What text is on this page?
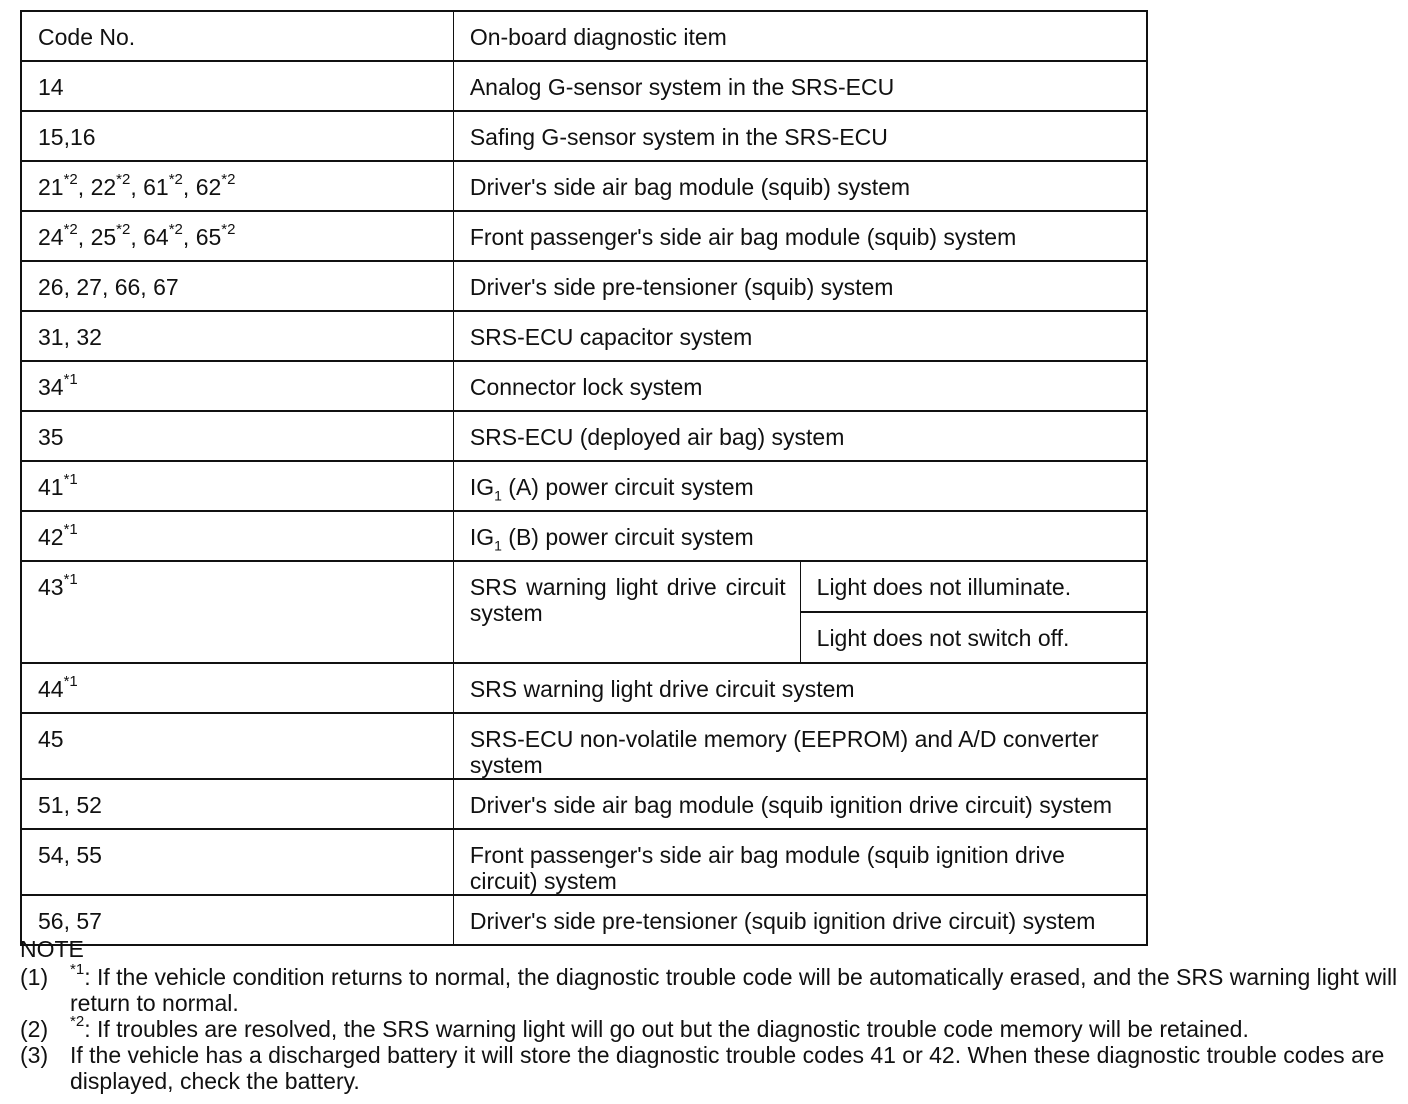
Code No.	On-board diagnostic item	
14	Analog G-sensor system in the SRS-ECU	
15,16	Safing G-sensor system in the SRS-ECU	
21$^{*2}$, 22$^{*2}$, 61$^{*2}$, 62$^{*2}$	Driver's side air bag module (squib) system	
24$^{*2}$, 25$^{*2}$, 64$^{*2}$, 65$^{*2}$	Front passenger's side air bag module (squib) system	
26, 27, 66, 67	Driver's side pre-tensioner (squib) system	
31, 32	SRS-ECU capacitor system	
34$^{*1}$	Connector lock system	
35	SRS-ECU (deployed air bag) system	
41$^{*1}$	$IG_1$ (A) power circuit system	
42$^{*1}$	$IG_1$ (B) power circuit system	
43$^{*1}$	SRS warning light drive circuit system	Light does not illuminate.
		Light does not switch off.
44$^{*1}$	SRS warning light drive circuit system	
45	SRS-ECU non-volatile memory (EEPROM) and A/D converter system	
51, 52	Driver's side air bag module (squib ignition drive circuit) system	
54, 55	Front passenger's side air bag module (squib ignition drive circuit) system	
56, 57	Driver's side pre-tensioner (squib ignition drive circuit) system	
NOTE
(1)	$^{*1}$: If the vehicle condition returns to normal, the diagnostic trouble code will be automatically erased, and the SRS warning light will return to normal.
(2)	$^{*2}$: If troubles are resolved, the SRS warning light will go out but the diagnostic trouble code memory will be retained.
(3) If the vehicle has a discharged battery it will store the diagnostic trouble codes 41 or 42. When these diagnostic trouble codes are displayed, check the battery.
